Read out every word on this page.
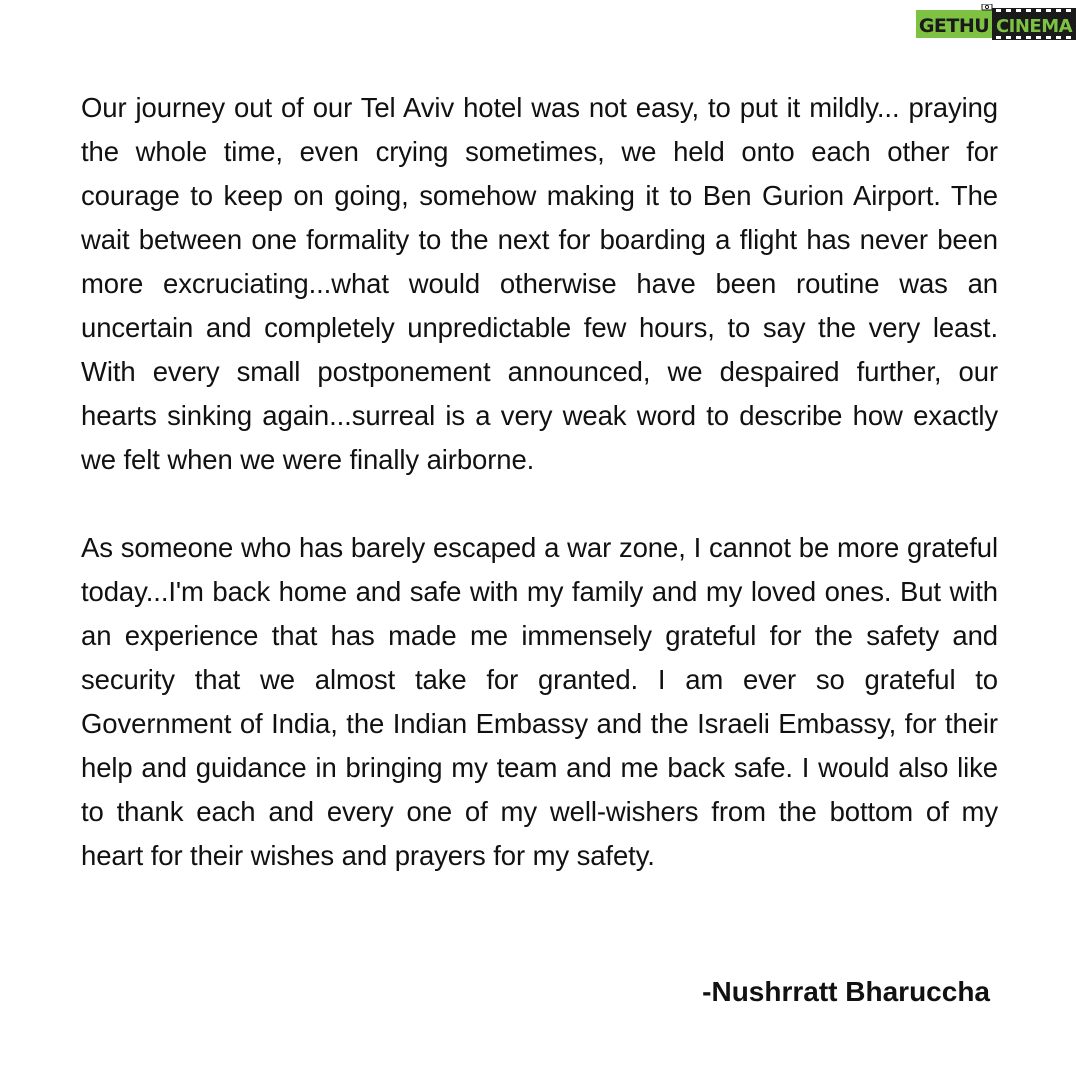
GETHU CINEMA

Our journey out of our Tel Aviv hotel was not easy, to put it mildly... praying the whole time, even crying sometimes, we held onto each other for courage to keep on going, somehow making it to Ben Gurion Airport. The wait between one formality to the next for boarding a flight has never been more excruciating...what would otherwise have been routine was an uncertain and completely unpredictable few hours, to say the very least. With every small postponement announced, we despaired further, our hearts sinking again...surreal is a very weak word to describe how exactly we felt when we were finally airborne.

As someone who has barely escaped a war zone, I cannot be more grateful today...I'm back home and safe with my family and my loved ones. But with an experience that has made me immensely grateful for the safety and security that we almost take for granted. I am ever so grateful to Government of India, the Indian Embassy and the Israeli Embassy, for their help and guidance in bringing my team and me back safe. I would also like to thank each and every one of my well-wishers from the bottom of my heart for their wishes and prayers for my safety.

-Nushrratt Bharuccha
